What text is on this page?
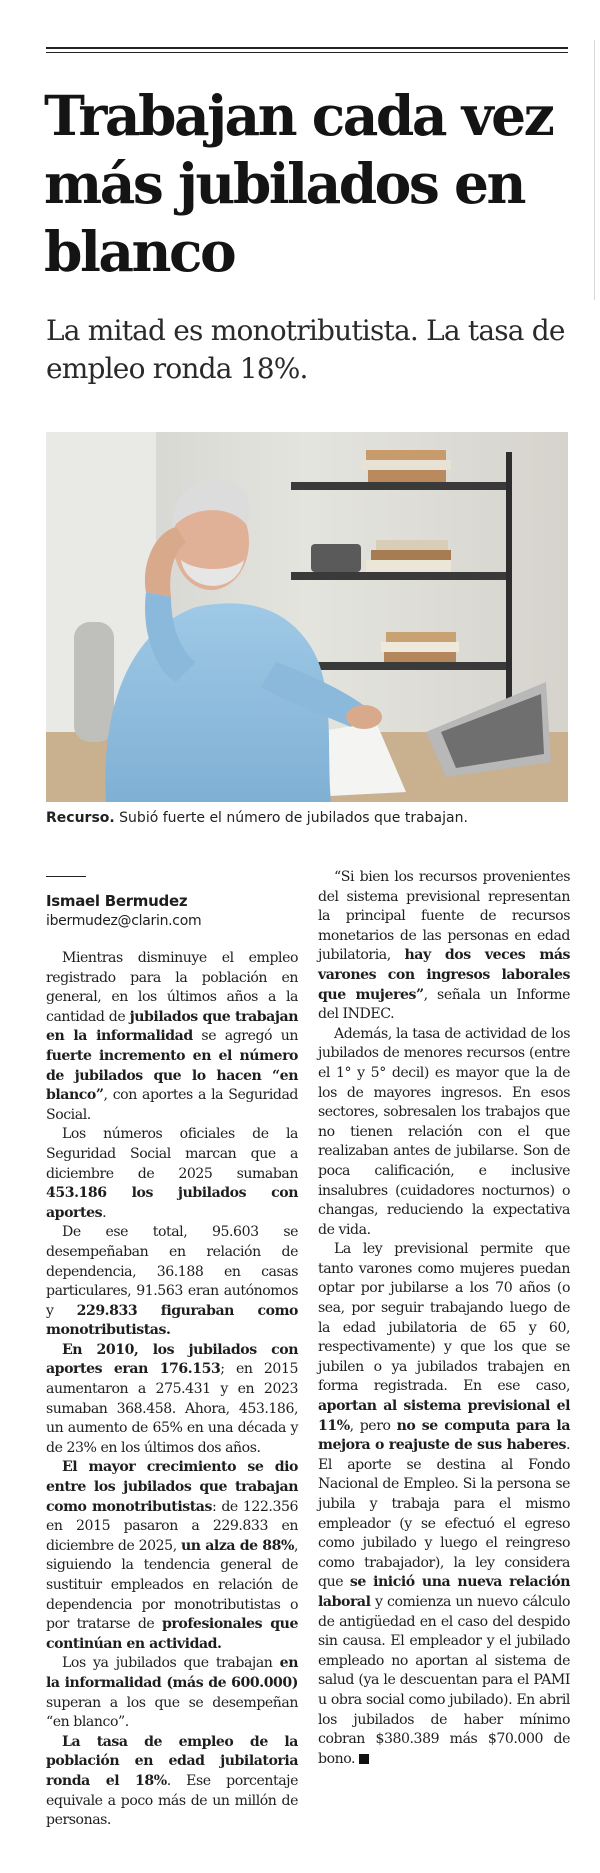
Trabajan cada vez más jubilados en blanco
La mitad es monotributista. La tasa de empleo ronda 18%.
Recurso. Subió fuerte el número de jubilados que trabajan.
Ismael Bermudez
ibermudez@clarin.com

Mientras disminuye el empleo registrado para la población en general, en los últimos años a la cantidad de jubilados que trabajan en la informalidad se agregó un fuerte incremento en el número de jubilados que lo hacen “en blanco”, con aportes a la Seguridad Social.

Los números oficiales de la Seguridad Social marcan que a diciembre de 2025 sumaban 453.186 los jubilados con aportes.

De ese total, 95.603 se desempeñaban en relación de dependencia, 36.188 en casas particulares, 91.563 eran autónomos y 229.833 figuraban como monotributistas.

En 2010, los jubilados con aportes eran 176.153; en 2015 aumentaron a 275.431 y en 2023 sumaban 368.458. Ahora, 453.186, un aumento de 65% en una década y de 23% en los últimos dos años.

El mayor crecimiento se dio entre los jubilados que trabajan como monotributistas: de 122.356 en 2015 pasaron a 229.833 en diciembre de 2025, un alza de 88%, siguiendo la tendencia general de sustituir empleados en relación de dependencia por monotributistas o por tratarse de profesionales que continúan en actividad.

Los ya jubilados que trabajan en la informalidad (más de 600.000) superan a los que se desempeñan “en blanco”.

La tasa de empleo de la población en edad jubilatoria ronda el 18%. Ese porcentaje equivale a poco más de un millón de personas.

“Si bien los recursos provenientes del sistema previsional representan la principal fuente de recursos monetarios de las personas en edad jubilatoria, hay dos veces más varones con ingresos laborales que mujeres”, señala un Informe del INDEC.

Además, la tasa de actividad de los jubilados de menores recursos (entre el 1° y 5° decil) es mayor que la de los de mayores ingresos. En esos sectores, sobresalen los trabajos que no tienen relación con el que realizaban antes de jubilarse. Son de poca calificación, e inclusive insalubres (cuidadores nocturnos) o changas, reduciendo la expectativa de vida.

La ley previsional permite que tanto varones como mujeres puedan optar por jubilarse a los 70 años (o sea, por seguir trabajando luego de la edad jubilatoria de 65 y 60, respectivamente) y que los que se jubilen o ya jubilados trabajen en forma registrada. En ese caso, aportan al sistema previsional el 11%, pero no se computa para la mejora o reajuste de sus haberes. El aporte se destina al Fondo Nacional de Empleo. Si la persona se jubila y trabaja para el mismo empleador (y se efectuó el egreso como jubilado y luego el reingreso como trabajador), la ley considera que se inició una nueva relación laboral y comienza un nuevo cálculo de antigüedad en el caso del despido sin causa. El empleador y el jubilado empleado no aportan al sistema de salud (ya le descuentan para el PAMI u obra social como jubilado). En abril los jubilados de haber mínimo cobran $380.389 más $70.000 de bono.
